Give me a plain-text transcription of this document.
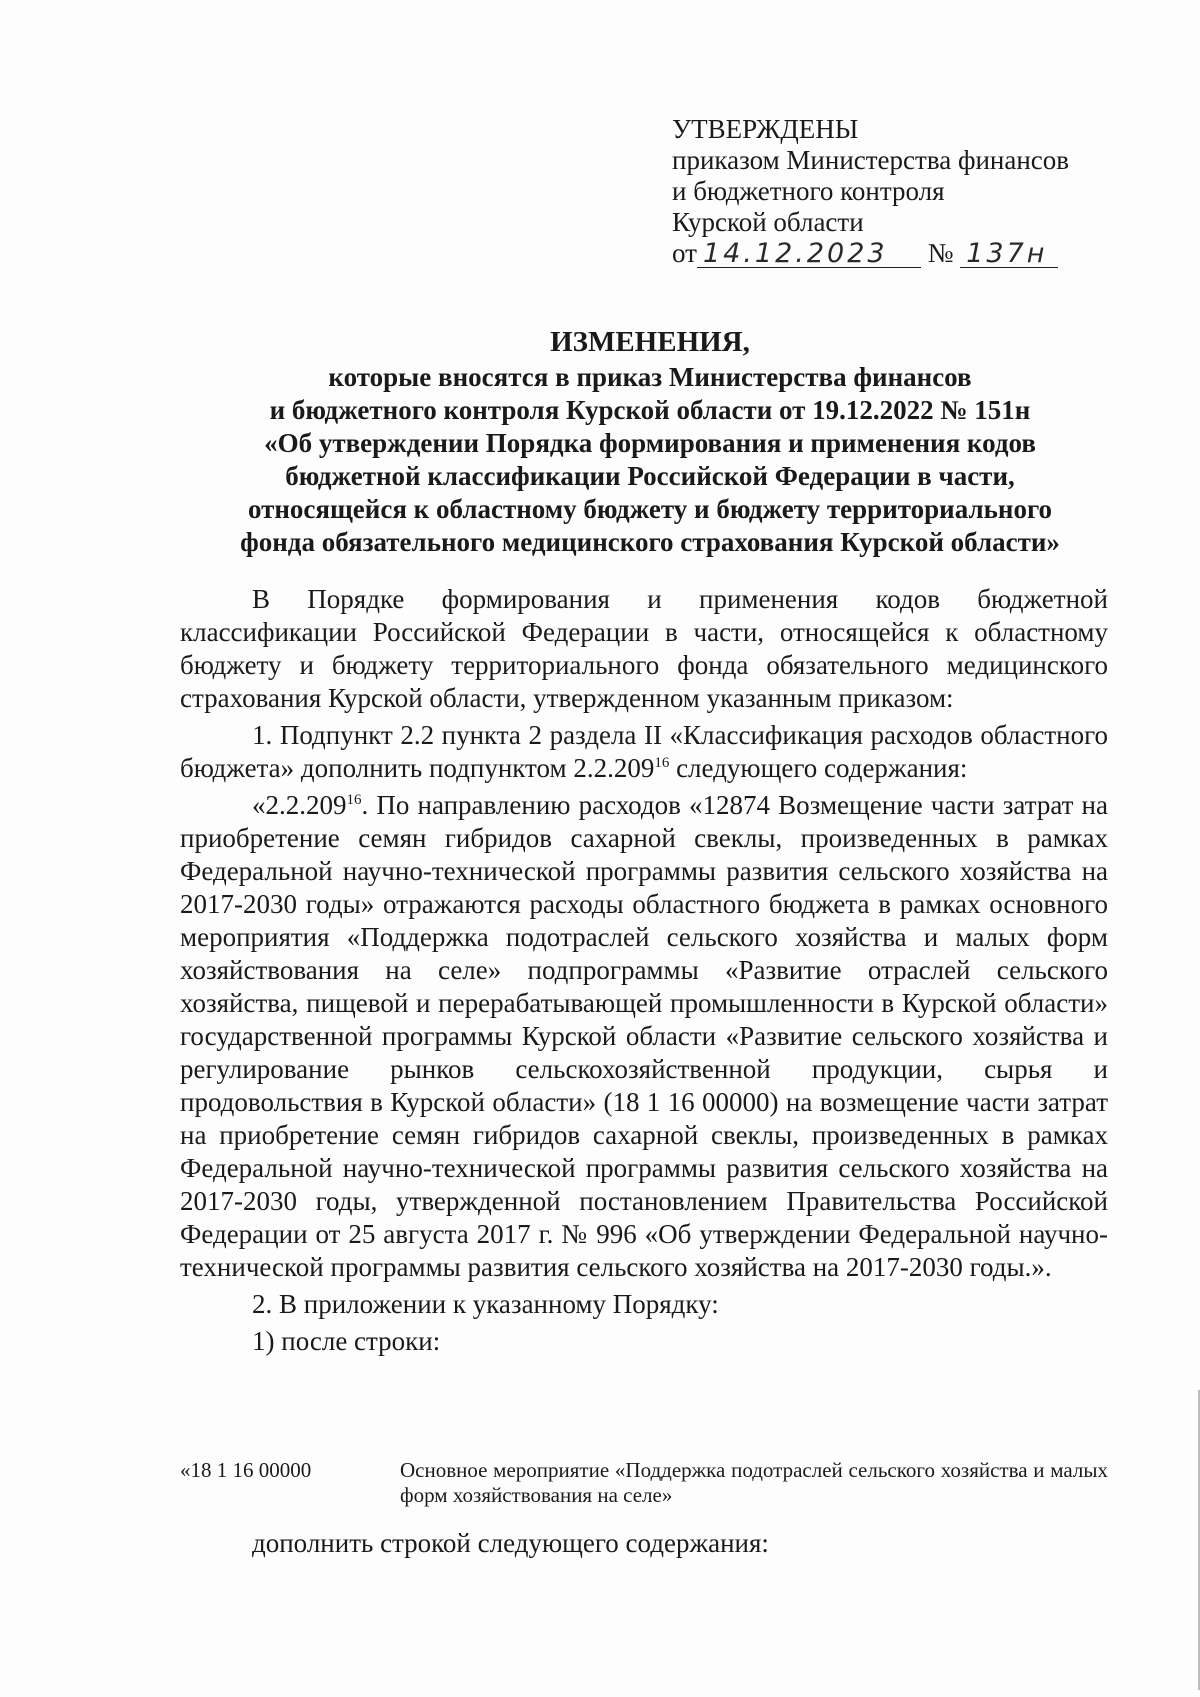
УТВЕРЖДЕНЫ
приказом Министерства финансов
и бюджетного контроля
Курской области
от 14.12.2023 № 137н
ИЗМЕНЕНИЯ,
которые вносятся в приказ Министерства финансов
и бюджетного контроля Курской области от 19.12.2022 № 151н
«Об утверждении Порядка формирования и применения кодов
бюджетной классификации Российской Федерации в части,
относящейся к областному бюджету и бюджету территориального
фонда обязательного медицинского страхования Курской области»

В Порядке формирования и применения кодов бюджетной классификации Российской Федерации в части, относящейся к областному бюджету и бюджету территориального фонда обязательного медицинского страхования Курской области, утвержденном указанным приказом:

1. Подпункт 2.2 пункта 2 раздела II «Классификация расходов областного бюджета» дополнить подпунктом 2.2.209$^{16}$ следующего содержания:

«2.2.209$^{16}$. По направлению расходов «12874 Возмещение части затрат на приобретение семян гибридов сахарной свеклы, произведенных в рамках Федеральной научно-технической программы развития сельского хозяйства на 2017-2030 годы» отражаются расходы областного бюджета в рамках основного мероприятия «Поддержка подотраслей сельского хозяйства и малых форм хозяйствования на селе» подпрограммы «Развитие отраслей сельского хозяйства, пищевой и перерабатывающей промышленности в Курской области» государственной программы Курской области «Развитие сельского хозяйства и регулирование рынков сельскохозяйственной продукции, сырья и продовольствия в Курской области» (18 1 16 00000) на возмещение части затрат на приобретение семян гибридов сахарной свеклы, произведенных в рамках Федеральной научно-технической программы развития сельского хозяйства на 2017-2030 годы, утвержденной постановлением Правительства Российской Федерации от 25 августа 2017 г. № 996 «Об утверждении Федеральной научно-технической программы развития сельского хозяйства на 2017-2030 годы.».

2. В приложении к указанному Порядку:

1) после строки:

«18 1 16 00000	Основное мероприятие «Поддержка подотраслей сельского хозяйства и малых форм хозяйствования на селе»
дополнить строкой следующего содержания:
